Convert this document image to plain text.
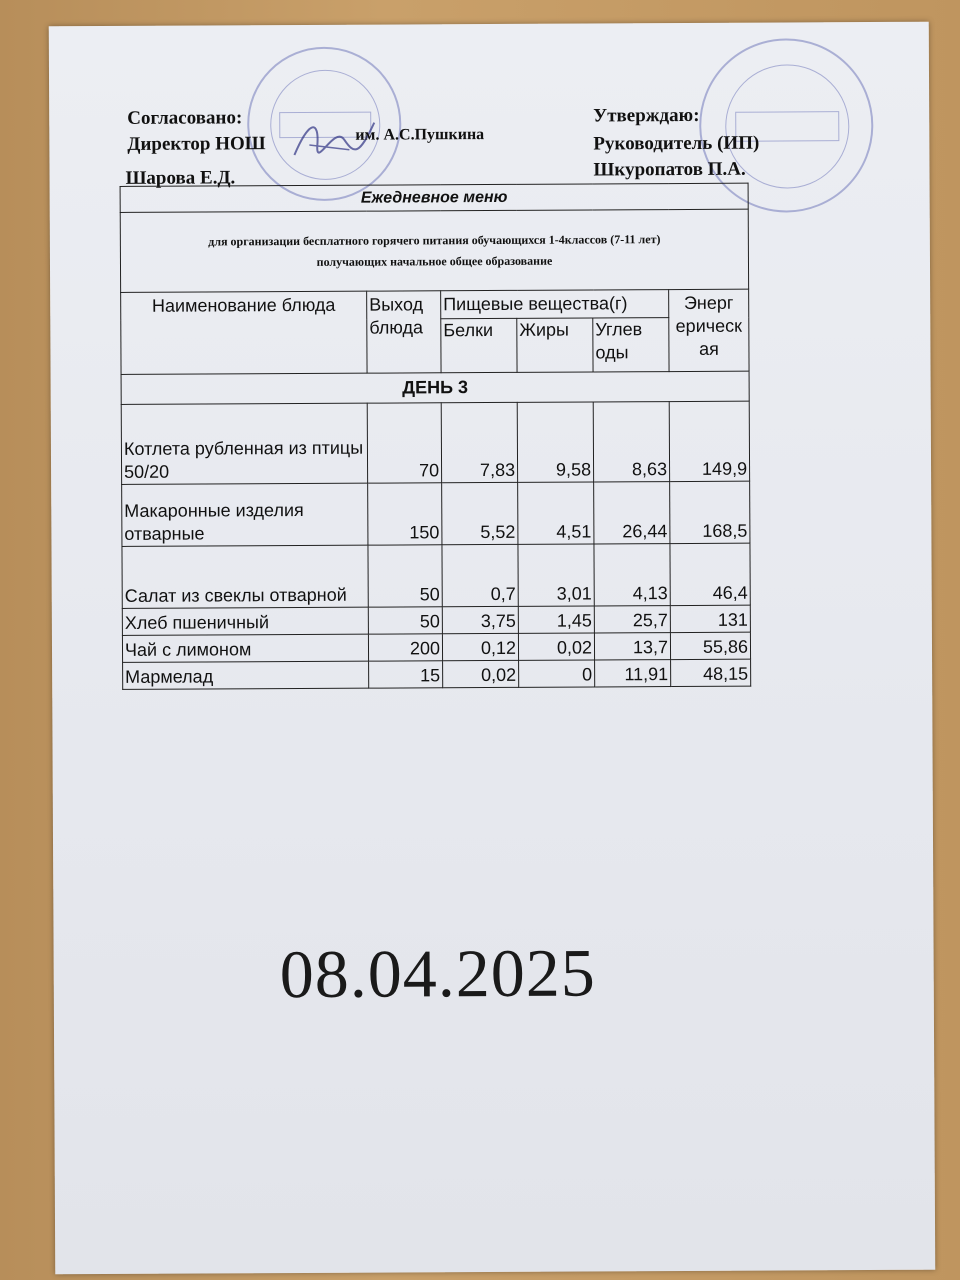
Согласовано:
Директор НОШ	им. А.С.Пушкина
Шарова Е.Д.
Утверждаю:
Руководитель (ИП)
Шкуропатов П.А.
Ежедневное меню					

для организации бесплатного горячего питания обучающихся 1-4классов (7-11 лет)
получающих начальное общее образование					

Наименование блюда	Выход блюда	Пищевые вещества(г)			Энерг ерическ ая
		Белки	Жиры	Углев оды	
ДЕНЬ 3					
Котлета рубленная из птицы 50/20	70	7,83	9,58	8,63	149,9
Макаронные изделия отварные	150	5,52	4,51	26,44	168,5
Салат из свеклы отварной	50	0,7	3,01	4,13	46,4
Хлеб пшеничный	50	3,75	1,45	25,7	131
Чай с лимоном	200	0,12	0,02	13,7	55,86
Мармелад	15	0,02	0	11,91	48,15
08.04.2025
